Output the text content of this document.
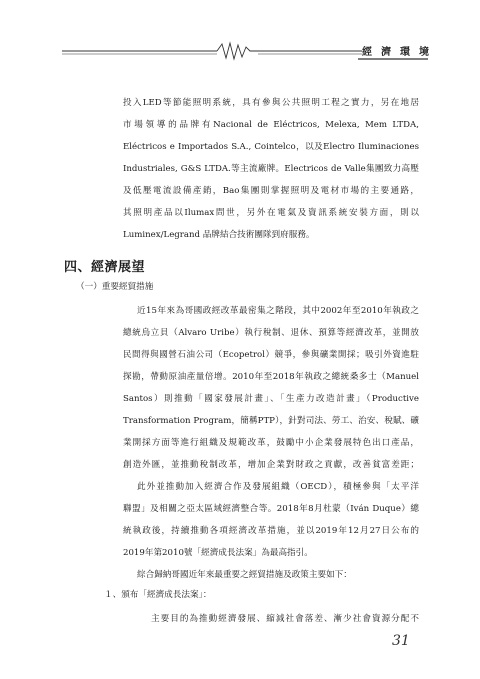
經濟環境
投入LED等節能照明系統，具有參與公共照明工程之實力，另在地居
市場領導的品牌有Nacional de Eléctricos, Melexa, Mem LTDA,
Eléctricos e Importados S.A., Cointelco，以及Electro Iluminaciones
Industriales, G&S LTDA.等主流廠牌。Electricos de Valle集團致力高壓
及低壓電流設備產銷，Bao集團則掌握照明及電材市場的主要通路，
其照明產品以Ilumax問世，另外在電氣及資訊系統安裝方面，則以
Luminex/Legrand 品牌結合技術團隊到府服務。
四、經濟展望
（一）重要經貿措施
近15年來為哥國政經改革最密集之階段，其中2002年至2010年執政之
總統烏立貝（Alvaro Uribe）執行稅制、退休、預算等經濟改革，並開放
民間得與國營石油公司（Ecopetrol）競爭，參與礦業開採；吸引外資進駐
探勘，帶動原油產量倍增。2010年至2018年執政之總統桑多士（Manuel
Santos）則推動「國家發展計畫」、「生產力改造計畫」（Productive
Transformation Program，簡稱PTP），針對司法、勞工、治安、稅賦、礦
業開採方面等進行組織及規範改革，鼓勵中小企業發展特色出口產品，
創造外匯，並推動稅制改革，增加企業對財政之貢獻，改善貧富差距；
此外並推動加入經濟合作及發展組織（OECD），積極參與「太平洋
聯盟」及相關之亞太區域經濟整合等。2018年8月杜蒙（Iván Duque）總
統執政後，持續推動各項經濟改革措施，並以2019年12月27日公布的
2019年第2010號「經濟成長法案」為最高指引。
綜合歸納哥國近年來最重要之經貿措施及政策主要如下：
１、頒布「經濟成長法案」：
主要目的為推動經濟發展、縮減社會落差、漸少社會資源分配不
31
